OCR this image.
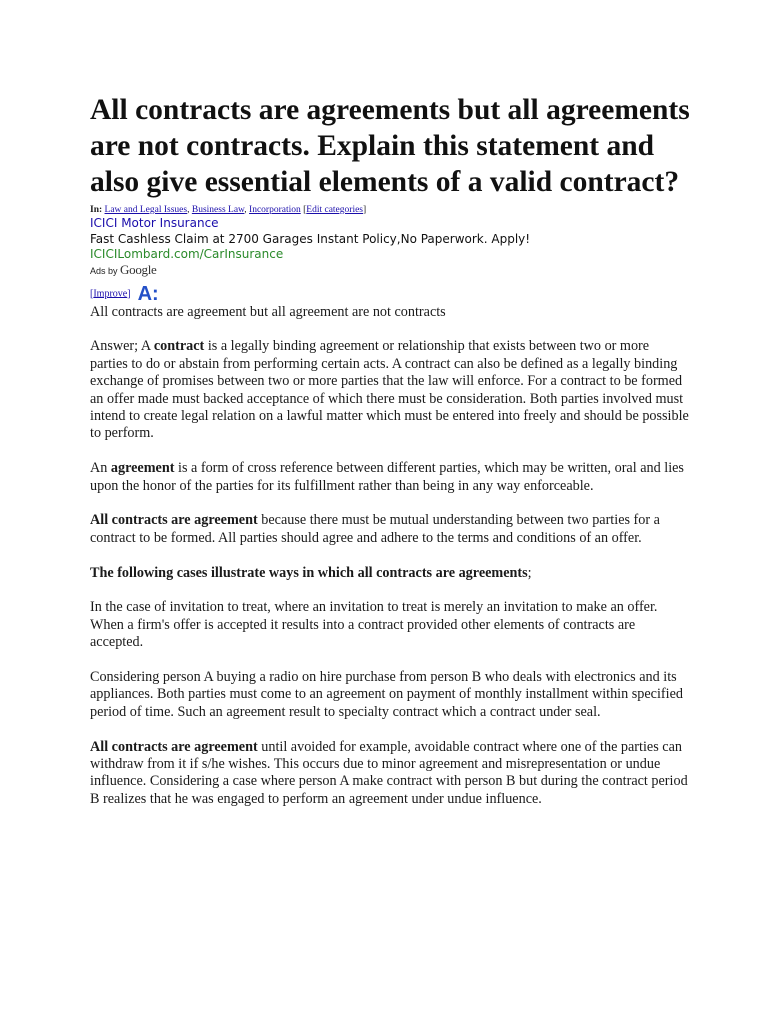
All contracts are agreements but all agreements are not contracts. Explain this statement and also give essential elements of a valid contract?
In: Law and Legal Issues, Business Law, Incorporation [Edit categories]
ICICI Motor Insurance
Fast Cashless Claim at 2700 Garages Instant Policy,No Paperwork. Apply!
ICICILombard.com/CarInsurance
Ads by Google
[Improve] A:

All contracts are agreement but all agreement are not contracts

Answer; A contract is a legally binding agreement or relationship that exists between two or more parties to do or abstain from performing certain acts. A contract can also be defined as a legally binding exchange of promises between two or more parties that the law will enforce. For a contract to be formed an offer made must backed acceptance of which there must be consideration. Both parties involved must intend to create legal relation on a lawful matter which must be entered into freely and should be possible to perform.

An agreement is a form of cross reference between different parties, which may be written, oral and lies upon the honor of the parties for its fulfillment rather than being in any way enforceable.

All contracts are agreement because there must be mutual understanding between two parties for a contract to be formed. All parties should agree and adhere to the terms and conditions of an offer.

The following cases illustrate ways in which all contracts are agreements;

In the case of invitation to treat, where an invitation to treat is merely an invitation to make an offer. When a firm's offer is accepted it results into a contract provided other elements of contracts are accepted.

Considering person A buying a radio on hire purchase from person B who deals with electronics and its appliances. Both parties must come to an agreement on payment of monthly installment within specified period of time. Such an agreement result to specialty contract which a contract under seal.

All contracts are agreement until avoided for example, avoidable contract where one of the parties can withdraw from it if s/he wishes. This occurs due to minor agreement and misrepresentation or undue influence. Considering a case where person A make contract with person B but during the contract period B realizes that he was engaged to perform an agreement under undue influence.
